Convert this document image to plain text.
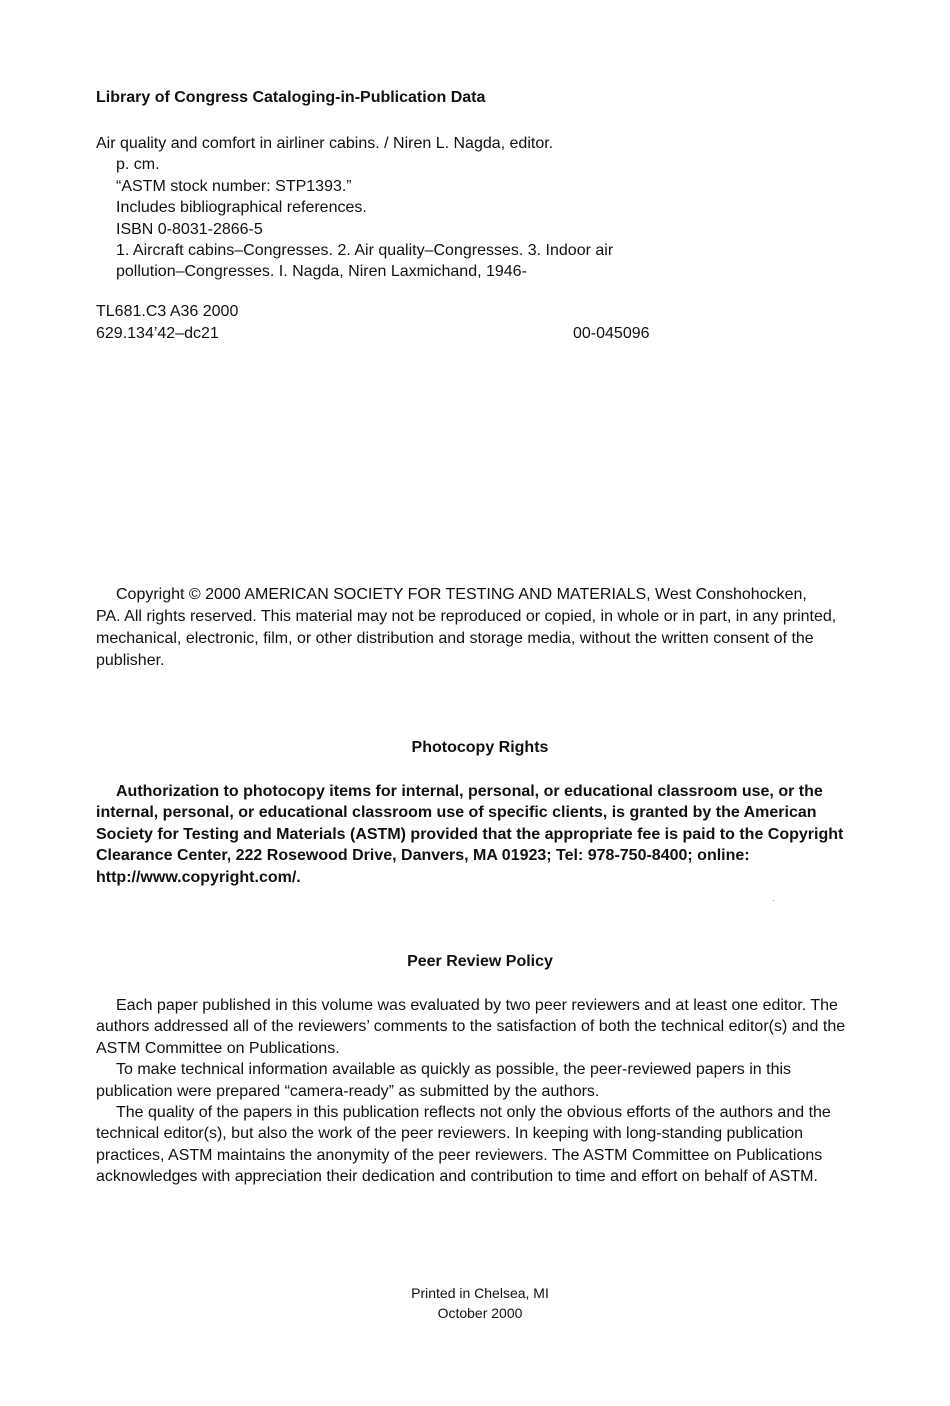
Library of Congress Cataloging-in-Publication Data
Air quality and comfort in airliner cabins. / Niren L. Nagda, editor.
p. cm.
“ASTM stock number: STP1393.”
Includes bibliographical references.
ISBN 0-8031-2866-5
1. Aircraft cabins–Congresses. 2. Air quality–Congresses. 3. Indoor air
pollution–Congresses. I. Nagda, Niren Laxmichand, 1946-
TL681.C3 A36 2000
629.134’42–dc21	00-045096
Copyright © 2000 AMERICAN SOCIETY FOR TESTING AND MATERIALS, West Conshohocken,
PA. All rights reserved. This material may not be reproduced or copied, in whole or in part, in any printed, mechanical, electronic, film, or other distribution and storage media, without the written consent of the publisher.
Photocopy Rights
Authorization to photocopy items for internal, personal, or educational classroom use, or the internal, personal, or educational classroom use of specific clients, is granted by the American Society for Testing and Materials (ASTM) provided that the appropriate fee is paid to the Copyright Clearance Center, 222 Rosewood Drive, Danvers, MA 01923; Tel: 978-750-8400; online: http://www.copyright.com/.
Peer Review Policy

Each paper published in this volume was evaluated by two peer reviewers and at least one editor. The authors addressed all of the reviewers’ comments to the satisfaction of both the technical editor(s) and the ASTM Committee on Publications.

To make technical information available as quickly as possible, the peer-reviewed papers in this publication were prepared “camera-ready” as submitted by the authors.

The quality of the papers in this publication reflects not only the obvious efforts of the authors and the technical editor(s), but also the work of the peer reviewers. In keeping with long-standing publication practices, ASTM maintains the anonymity of the peer reviewers. The ASTM Committee on Publications acknowledges with appreciation their dedication and contribution to time and effort on behalf of ASTM.

Printed in Chelsea, MI
October 2000
